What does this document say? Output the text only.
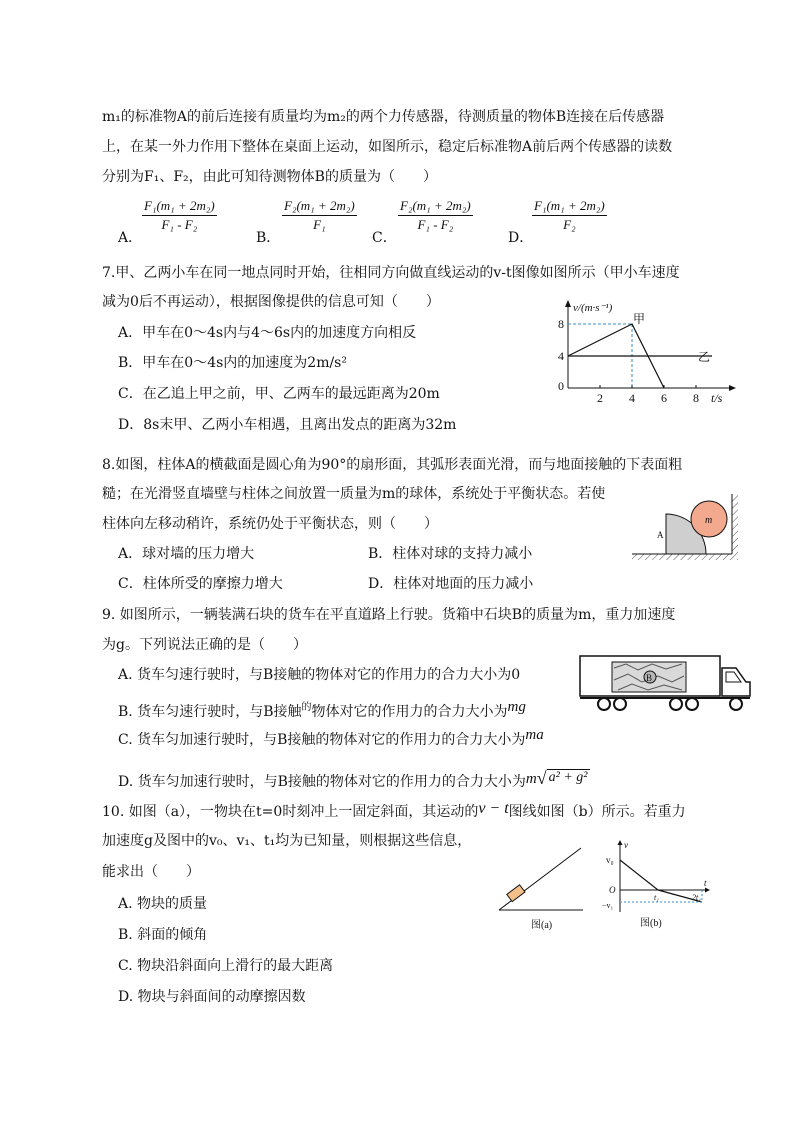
m₁的标准物A的前后连接有质量均为m₂的两个力传感器，待测质量的物体B连接在后传感器
上，在某一外力作用下整体在桌面上运动，如图所示，稳定后标准物A前后两个传感器的读数
分别为F₁、F₂，由此可知待测物体B的质量为（　　）
A．
$\frac{\text{F₁(m₁ + 2m₂)}}{\text{F₁ - F₂}}$
B．
$\frac{\text{F₂(m₁ + 2m₂)}}{\text{F₁}}$
C．
$\frac{\text{F₂(m₁ + 2m₂)}}{\text{F₁ - F₂}}$
D．
$\frac{\text{F₁(m₁ + 2m₂)}}{\text{F₂}}$
7.甲、乙两小车在同一地点同时开始，往相同方向做直线运动的v-t图像如图所示（甲小车速度
减为0后不再运动），根据图像提供的信息可知（　　）
A．甲车在0～4s内与4～6s内的加速度方向相反
B．甲车在0～4s内的加速度为2m/s²
C．在乙追上甲之前，甲、乙两车的最远距离为20m
D．8s末甲、乙两小车相遇，且离出发点的距离为32m
0
2 4 6 8
4
8	甲
乙
v/(m·s⁻¹)
t/s
8.如图，柱体A的横截面是圆心角为90°的扇形面，其弧形表面光滑，而与地面接触的下表面粗
糙；在光滑竖直墙壁与柱体之间放置一质量为m的球体，系统处于平衡状态。若使
柱体向左移动稍许，系统仍处于平衡状态，则（　　）
A．球对墙的压力增大	B．柱体对球的支持力减小
C．柱体所受的摩擦力增大	D．柱体对地面的压力减小
A
m
9. 如图所示，一辆装满石块的货车在平直道路上行驶。货箱中石块B的质量为m，重力加速度
为g。下列说法正确的是（　　）
A. 货车匀速行驶时，与B接触的物体对它的作用力的合力大小为0
B. 货车匀速行驶时，与B接触$^的$物体对它的作用力的合力大小为mg
C. 货车匀加速行驶时，与B接触的物体对它的作用力的合力大小为ma
D. 货车匀加速行驶时，与B接触的物体对它的作用力的合力大小为m√ a² + g²
B
10. 如图（a），一物块在t=0时刻冲上一固定斜面，其运动的v − t图线如图（b）所示。若重力
加速度g及图中的v₀、v₁、t₁均为已知量，则根据这些信息，
能求出（　　）
A. 物块的质量
B. 斜面的倾角
C. 物块沿斜面向上滑行的最大距离
D. 物块与斜面间的动摩擦因数
图(a)
v
t
v₀
O
−v₁
t₁	2t₁
图(b)
